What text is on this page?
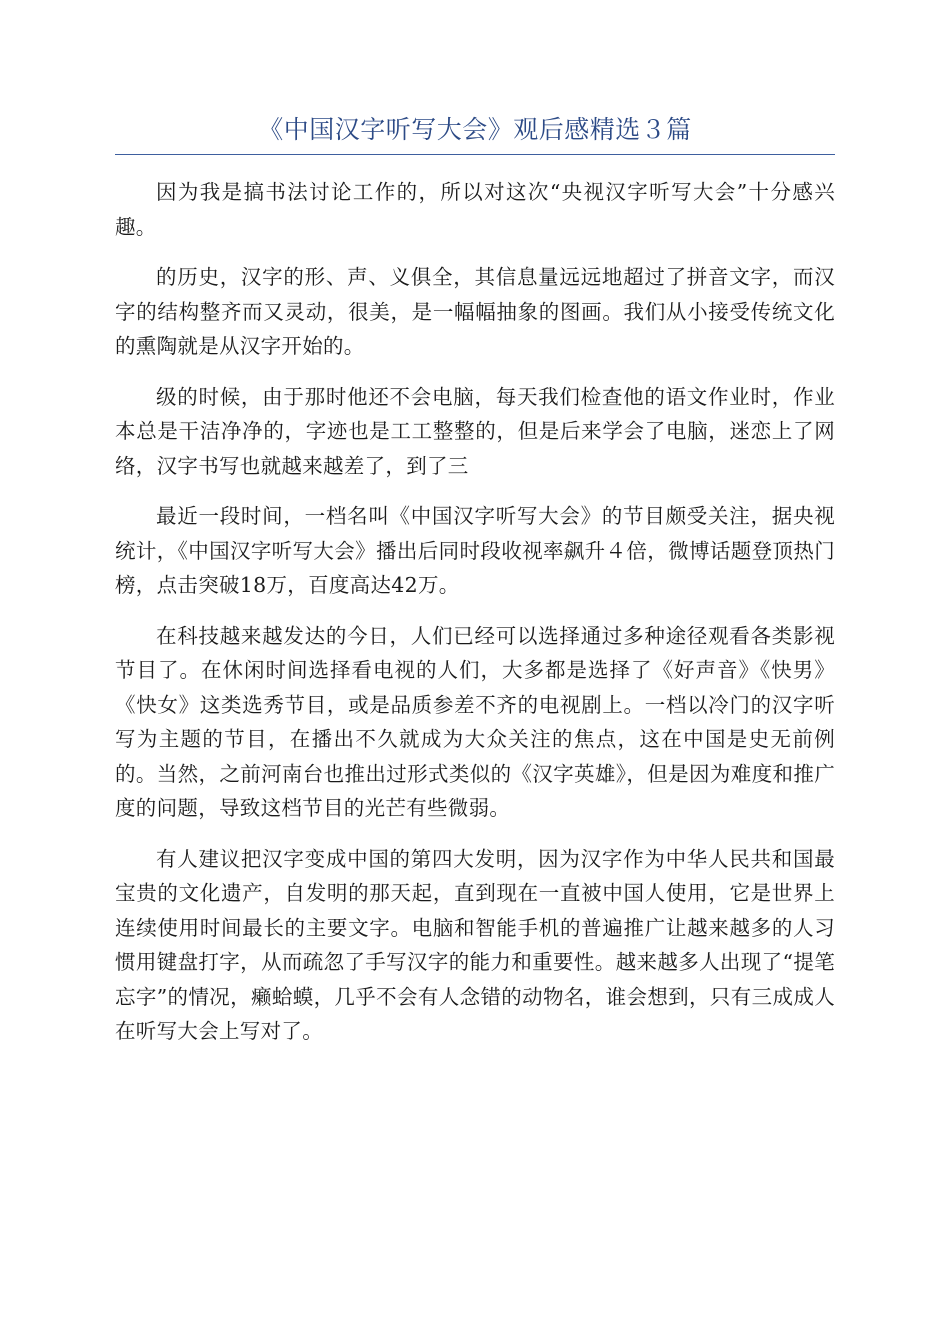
《中国汉字听写大会》观后感精选３篇

因为我是搞书法讨论工作的，所以对这次“央视汉字听写大会”十分感兴趣。

的历史，汉字的形、声、义俱全，其信息量远远地超过了拼音文字，而汉字的结构整齐而又灵动，很美，是一幅幅抽象的图画。我们从小接受传统文化的熏陶就是从汉字开始的。

级的时候，由于那时他还不会电脑，每天我们检查他的语文作业时，作业本总是干洁净净的，字迹也是工工整整的，但是后来学会了电脑，迷恋上了网络，汉字书写也就越来越差了，到了三

最近一段时间，一档名叫《中国汉字听写大会》的节目颇受关注，据央视统计，《中国汉字听写大会》播出后同时段收视率飙升４倍，微博话题登顶热门榜，点击突破18万，百度高达42万。

在科技越来越发达的今日，人们已经可以选择通过多种途径观看各类影视节目了。在休闲时间选择看电视的人们，大多都是选择了《好声音》《快男》《快女》这类选秀节目，或是品质参差不齐的电视剧上。一档以冷门的汉字听写为主题的节目，在播出不久就成为大众关注的焦点，这在中国是史无前例的。当然，之前河南台也推出过形式类似的《汉字英雄》，但是因为难度和推广度的问题，导致这档节目的光芒有些微弱。

有人建议把汉字变成中国的第四大发明，因为汉字作为中华人民共和国最宝贵的文化遗产，自发明的那天起，直到现在一直被中国人使用，它是世界上连续使用时间最长的主要文字。电脑和智能手机的普遍推广让越来越多的人习惯用键盘打字，从而疏忽了手写汉字的能力和重要性。越来越多人出现了“提笔忘字”的情况，癞蛤蟆，几乎不会有人念错的动物名，谁会想到，只有三成成人在听写大会上写对了。
